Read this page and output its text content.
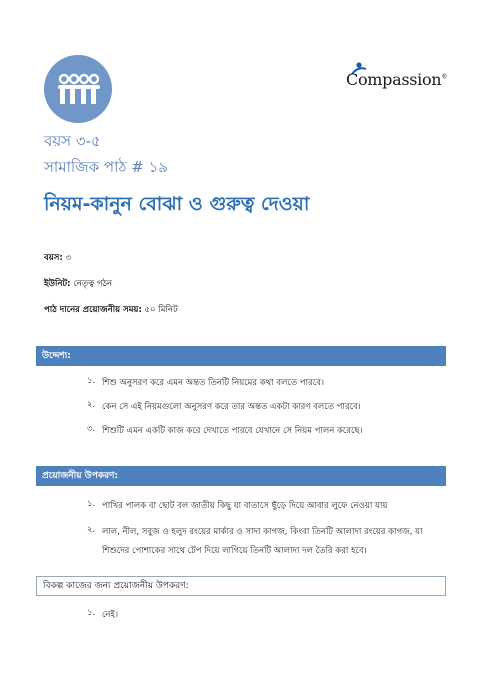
Compassion®
বয়স ৩-৫
সামাজিক পাঠ # ১৯
নিয়ম-কানুন বোঝা ও গুরুত্ব দেওয়া
বয়স: ৩
ইউনিট: নেতৃত্ব গঠন
পাঠ দানের প্রয়োজনীয় সময়: ৫০ মিনিট
উদ্দেশ্য:
১. শিশু অনুসরণ করে এমন অন্তত তিনটি নিয়মের কথা বলতে পারবে।
২. কেন সে এই নিয়মগুলো অনুসরণ করে তার অন্তত একটা কারণ বলতে পারবে।
৩. শিশুটি এমন একটি কাজ করে দেখাতে পারবে যেখানে সে নিয়ম পালন করেছে।
প্রয়োজনীয় উপকরণ:
১. পাখির পালক বা ছোট বল জাতীয় কিছু যা বাতাসে ছুঁড়ে দিয়ে আবার লুফে নেওয়া যায়
২. লাল, নীল, সবুজ ও হলুদ রংয়ের মার্কার ও সাদা কাগজ, কিংবা তিনটি আলাদা রংয়ের কাগজ, যা শিশুদের পোশাকের সাথে টেপ দিয়ে লাগিয়ে তিনটি আলাদা দল তৈরি করা হবে।
বিকল্প কাজের জন্য প্রয়োজনীয় উপকরণ:
১. নেই।
